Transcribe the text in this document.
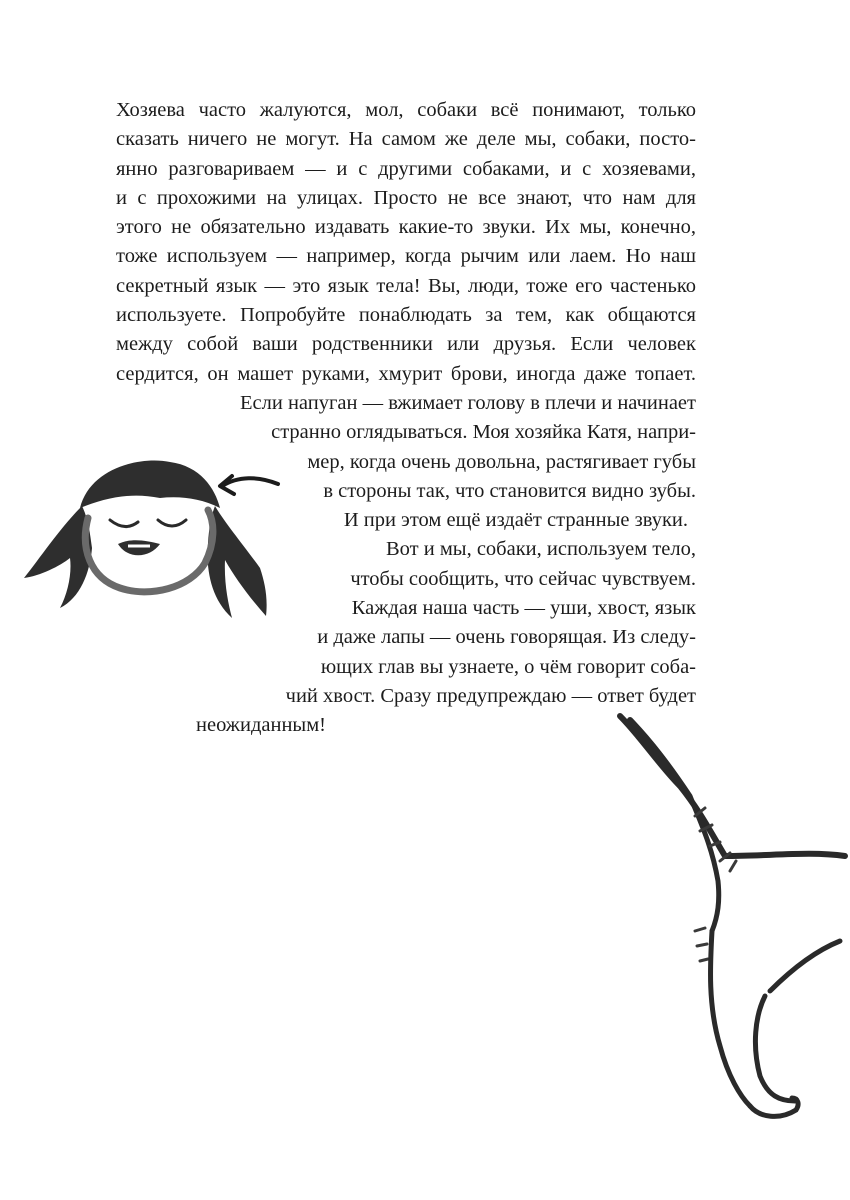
Хозяева часто жалуются, мол, собаки всё понимают, только
сказать ничего не могут. На самом же деле мы, собаки, посто-
янно разговариваем — и с другими собаками, и с хозяевами,
и с прохожими на улицах. Просто не все знают, что нам для
этого не обязательно издавать какие-то звуки. Их мы, конечно,
тоже используем — например, когда рычим или лаем. Но наш
секретный язык — это язык тела! Вы, люди, тоже его частенько
используете. Попробуйте понаблюдать за тем, как общаются
между собой ваши родственники или друзья. Если человек
сердится, он машет руками, хмурит брови, иногда даже топает.
Если напуган — вжимает голову в плечи и начинает
странно оглядываться. Моя хозяйка Катя, напри-
мер, когда очень довольна, растягивает губы
в стороны так, что становится видно зубы.
И при этом ещё издаёт странные звуки.
Вот и мы, собаки, используем тело,
чтобы сообщить, что сейчас чувствуем.
Каждая наша часть — уши, хвост, язык
и даже лапы — очень говорящая. Из следу-
ющих глав вы узнаете, о чём говорит соба-
чий хвост. Сразу предупреждаю — ответ будет
неожиданным!
